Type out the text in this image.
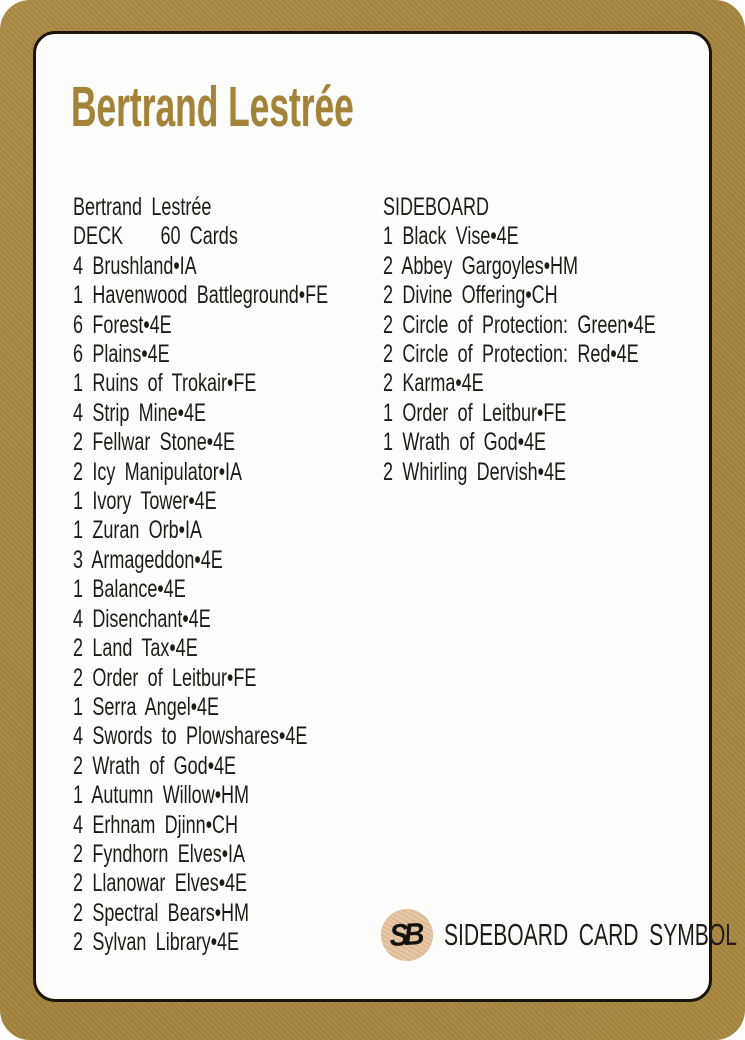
Bertrand Lestrée
Bertrand Lestrée
DECK 60 Cards
4 Brushland•IA
1 Havenwood Battleground•FE
6 Forest•4E
6 Plains•4E
1 Ruins of Trokair•FE
4 Strip Mine•4E
2 Fellwar Stone•4E
2 Icy Manipulator•IA
1 Ivory Tower•4E
1 Zuran Orb•IA
3 Armageddon•4E
1 Balance•4E
4 Disenchant•4E
2 Land Tax•4E
2 Order of Leitbur•FE
1 Serra Angel•4E
4 Swords to Plowshares•4E
2 Wrath of God•4E
1 Autumn Willow•HM
4 Erhnam Djinn•CH
2 Fyndhorn Elves•IA
2 Llanowar Elves•4E
2 Spectral Bears•HM
2 Sylvan Library•4E
SIDEBOARD
1 Black Vise•4E
2 Abbey Gargoyles•HM
2 Divine Offering•CH
2 Circle of Protection: Green•4E
2 Circle of Protection: Red•4E
2 Karma•4E
1 Order of Leitbur•FE
1 Wrath of God•4E
2 Whirling Dervish•4E
SB SIDEBOARD CARD SYMBOL
